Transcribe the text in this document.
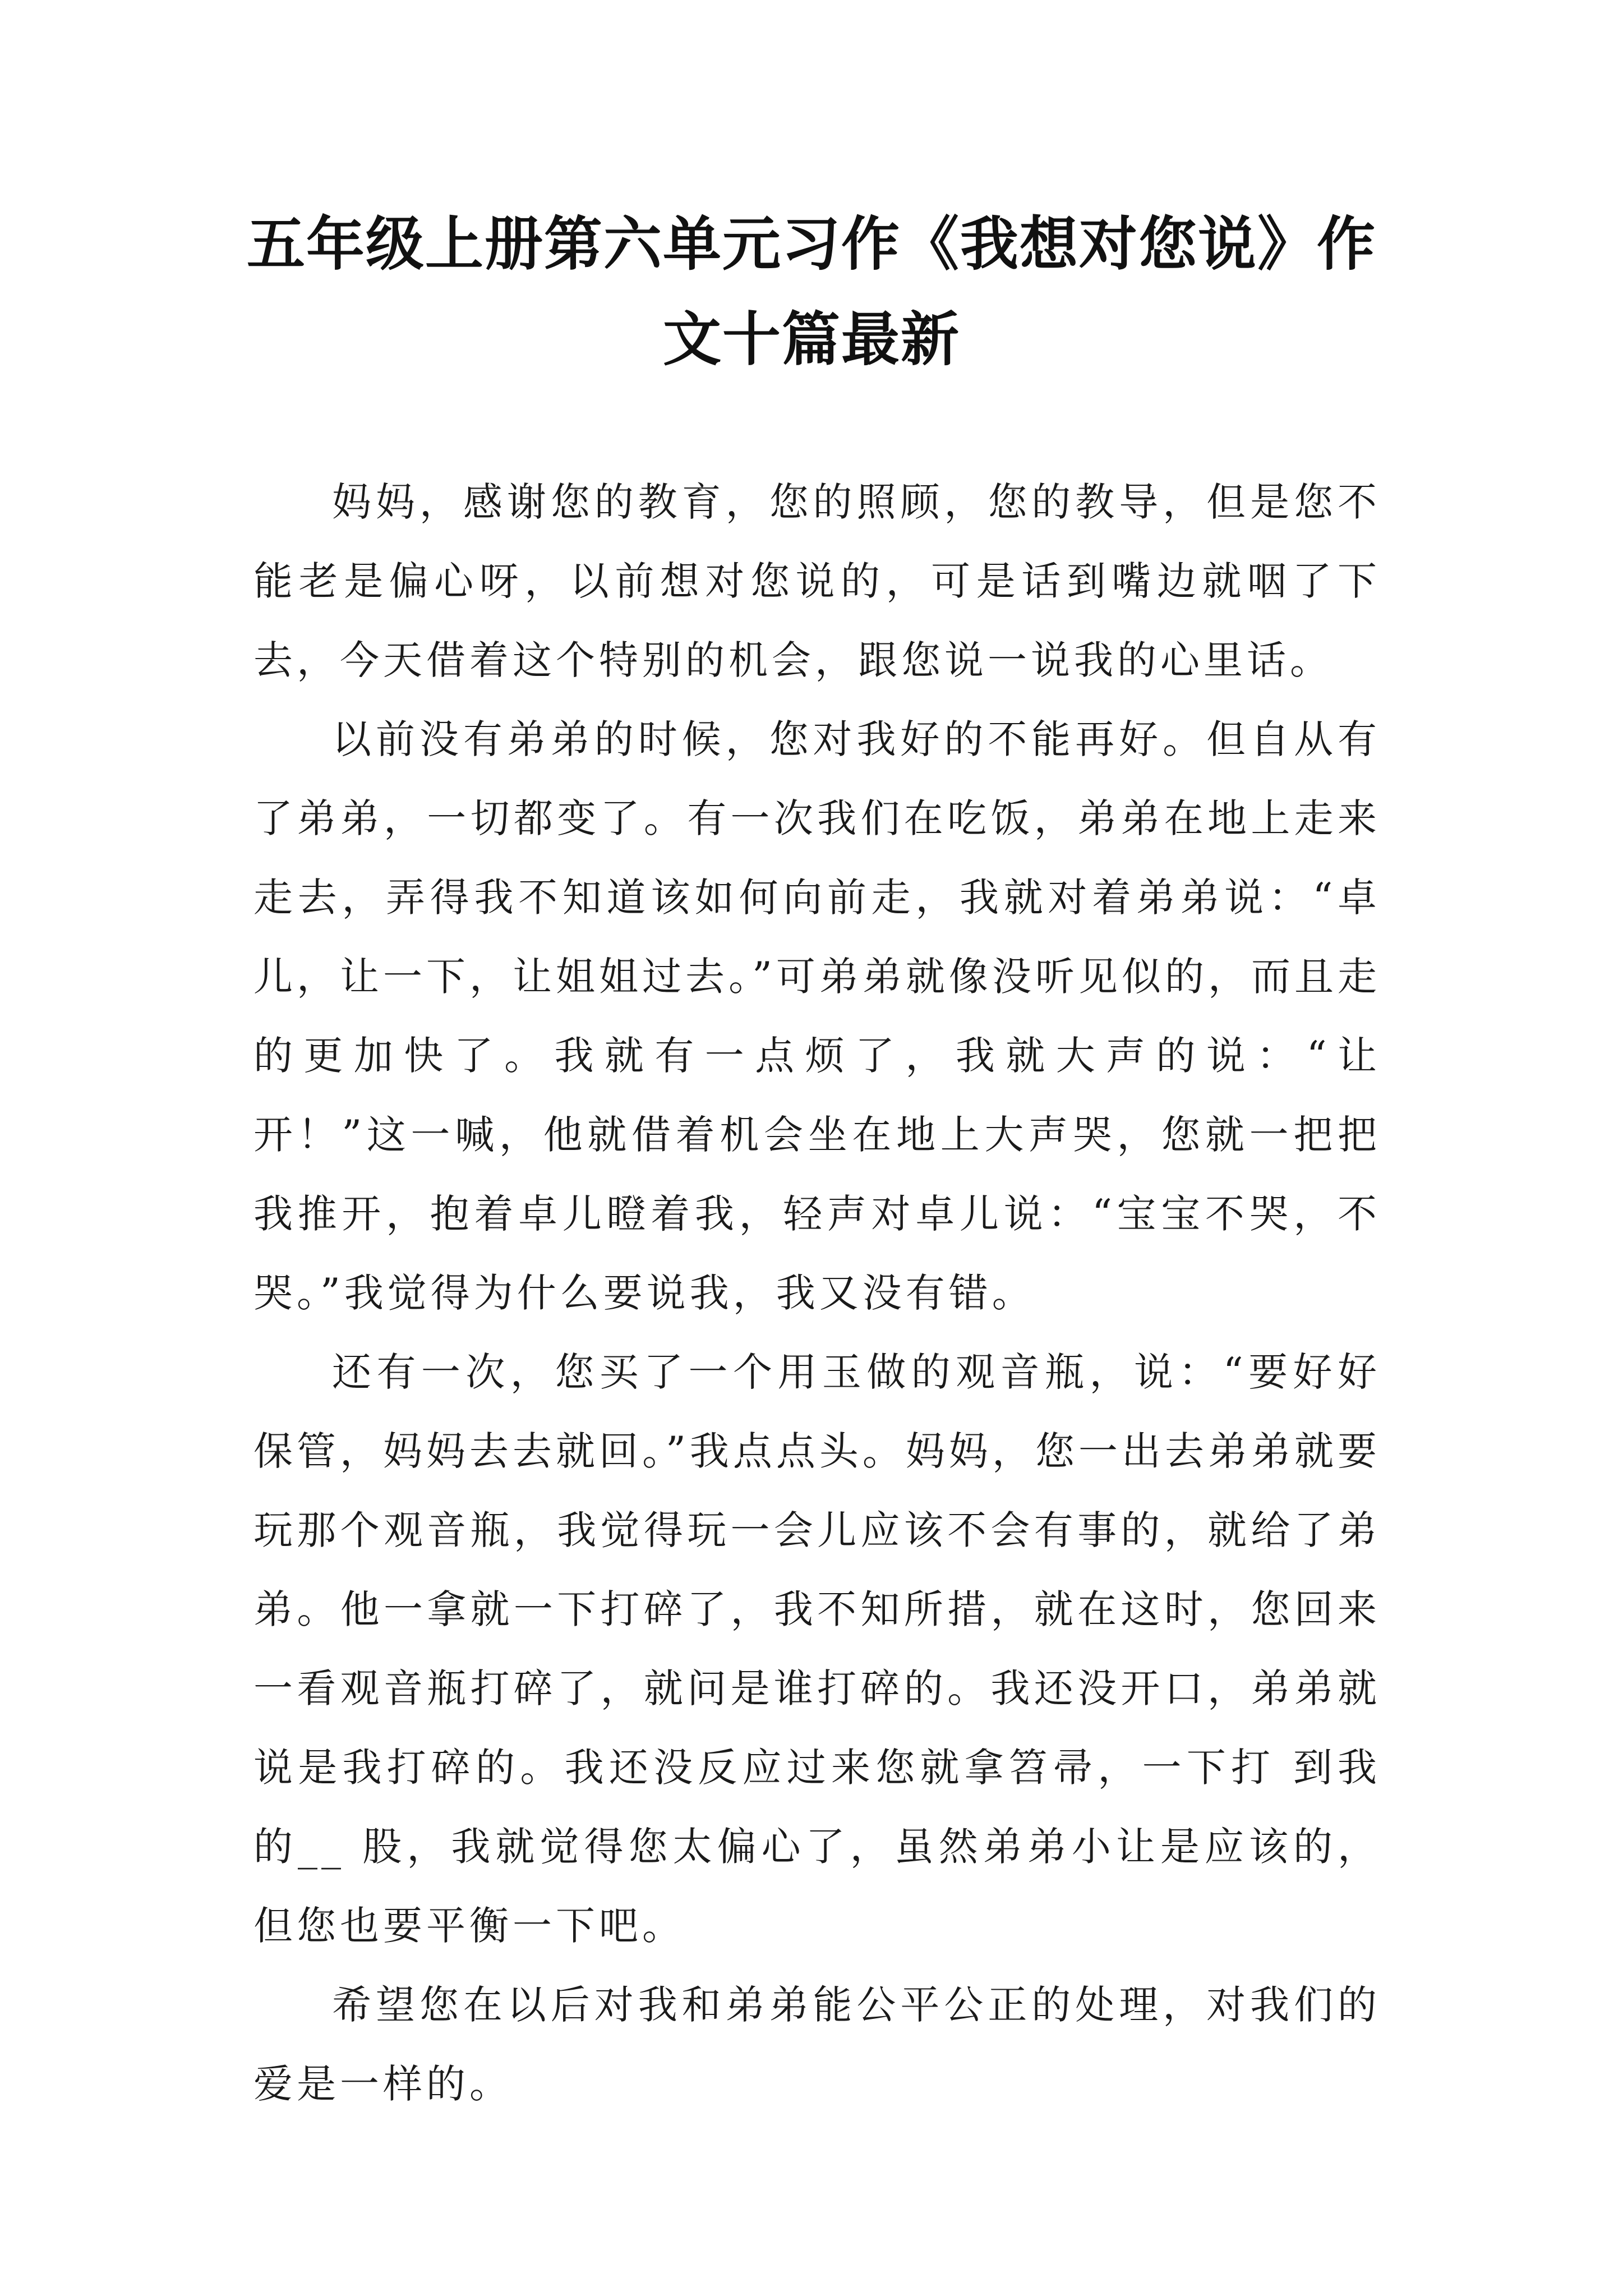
五年级上册第六单元习作《我想对您说》作
文十篇最新

妈妈，感谢您的教育，您的照顾，您的教导，但是您不能老是偏心呀，以前想对您说的，可是话到嘴边就咽了下去，今天借着这个特别的机会，跟您说一说我的心里话。

以前没有弟弟的时候，您对我好的不能再好。但自从有了弟弟，一切都变了。有一次我们在吃饭，弟弟在地上走来走去，弄得我不知道该如何向前走，我就对着弟弟说：“卓儿，让一下，让姐姐过去。”可弟弟就像没听见似的，而且走的更加快了。我就有一点烦了，我就大声的说：“让开！”这一喊，他就借着机会坐在地上大声哭，您就一把把我推开，抱着卓儿瞪着我，轻声对卓儿说：“宝宝不哭，不哭。”我觉得为什么要说我，我又没有错。

还有一次，您买了一个用玉做的观音瓶，说：“要好好保管，妈妈去去就回。”我点点头。妈妈，您一出去弟弟就要玩那个观音瓶，我觉得玩一会儿应该不会有事的，就给了弟弟。他一拿就一下打碎了，我不知所措，就在这时，您回来一看观音瓶打碎了，就问是谁打碎的。我还没开口，弟弟就说是我打碎的。我还没反应过来您就拿笤帚，一下打 到我的__ 股，我就觉得您太偏心了，虽然弟弟小让是应该的，但您也要平衡一下吧。

希望您在以后对我和弟弟能公平公正的处理，对我们的爱是一样的。
